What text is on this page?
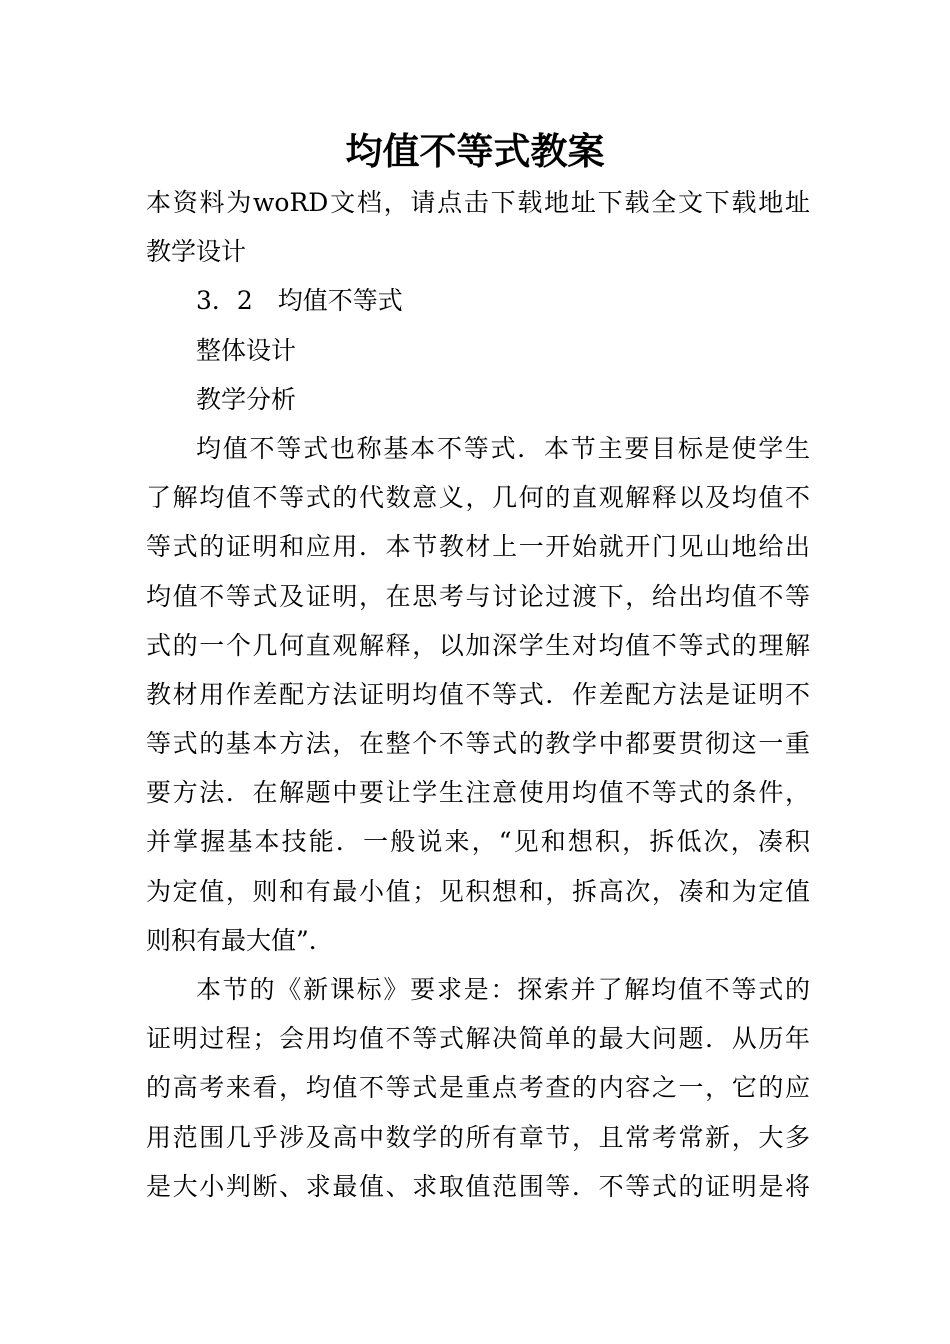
均值不等式教案

本资料为woRD文档，请点击下载地址下载全文下载地址

教学设计

3．2　均值不等式

整体设计

教学分析

均值不等式也称基本不等式．本节主要目标是使学生

了解均值不等式的代数意义，几何的直观解释以及均值不

等式的证明和应用．本节教材上一开始就开门见山地给出

均值不等式及证明，在思考与讨论过渡下，给出均值不等

式的一个几何直观解释，以加深学生对均值不等式的理解

教材用作差配方法证明均值不等式．作差配方法是证明不

等式的基本方法，在整个不等式的教学中都要贯彻这一重

要方法．在解题中要让学生注意使用均值不等式的条件，

并掌握基本技能．一般说来，“见和想积，拆低次，凑积

为定值，则和有最小值；见积想和，拆高次，凑和为定值

则积有最大值”．

本节的《新课标》要求是：探索并了解均值不等式的

证明过程；会用均值不等式解决简单的最大问题．从历年

的高考来看，均值不等式是重点考查的内容之一，它的应

用范围几乎涉及高中数学的所有章节，且常考常新，大多

是大小判断、求最值、求取值范围等．不等式的证明是将
